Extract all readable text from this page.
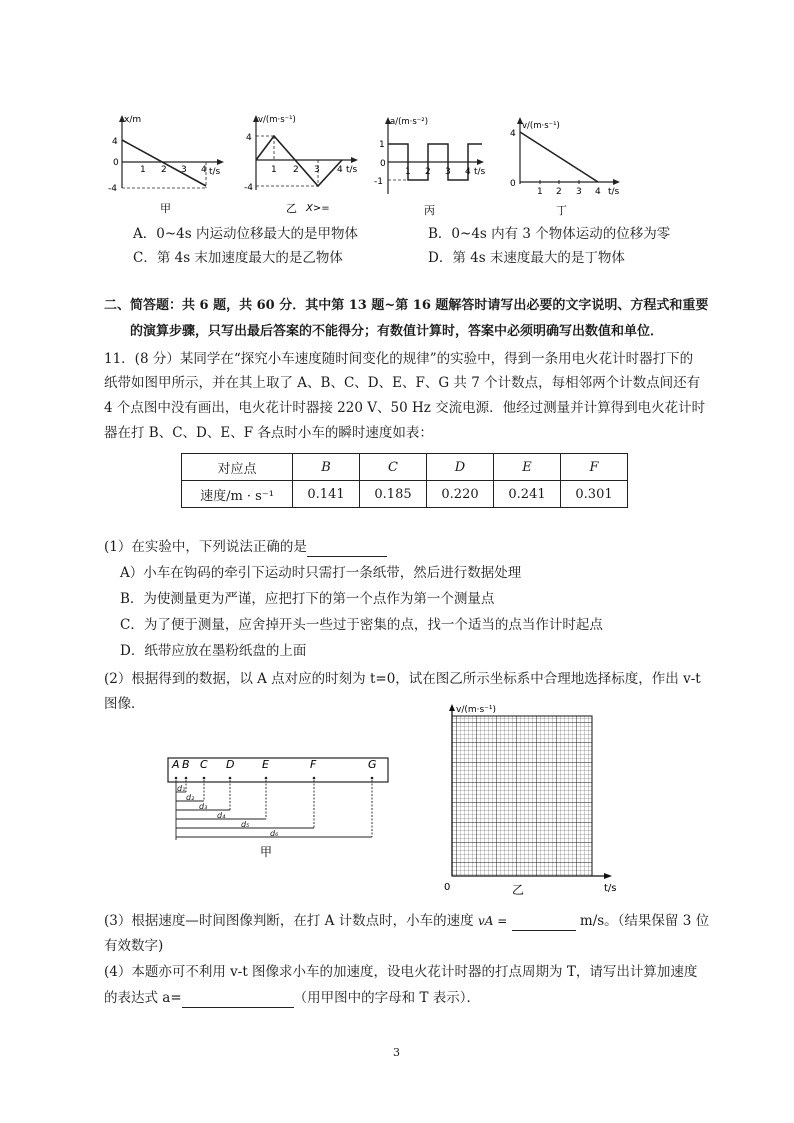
x/m
t/s
4
-4
0
1 2 3 4
甲
v/(m·s⁻¹)
t/s
4
-4
1 2 3 4
乙 X>=
a/(m·s⁻²)
t/s
1
-1
0
1 2 3 4
丙
v/(m·s⁻¹)
t/s
4
0
1 2 3 4
丁
A．0~4s 内运动位移最大的是甲物体	B．0~4s 内有 3 个物体运动的位移为零
C．第 4s 末加速度最大的是乙物体	D．第 4s 末速度最大的是丁物体
二、简答题：共 6 题，共 60 分．其中第 13 题~第 16 题解答时请写出必要的文字说明、方程式和重要
的演算步骤，只写出最后答案的不能得分；有数值计算时，答案中必须明确写出数值和单位．
11．(8 分）某同学在“探究小车速度随时间变化的规律”的实验中，得到一条用电火花计时器打下的
纸带如图甲所示，并在其上取了 A、B、C、D、E、F、G 共 7 个计数点，每相邻两个计数点间还有
4 个点图中没有画出，电火花计时器接 220 V、50 Hz 交流电源．他经过测量并计算得到电火花计时
器在打 B、C、D、E、F 各点时小车的瞬时速度如表：
对应点	B	C	D	E	F
速度/m · s⁻¹	0.141	0.185	0.220	0.241	0.301
(1）在实验中，下列说法正确的是
A）小车在钩码的牵引下运动时只需打一条纸带，然后进行数据处理
B．为使测量更为严谨，应把打下的第一个点作为第一个测量点
C．为了便于测量，应舍掉开头一些过于密集的点，找一个适当的点当作计时起点
D．纸带应放在墨粉纸盘的上面
(2）根据得到的数据，以 A 点对应的时刻为 t=0，试在图乙所示坐标系中合理地选择标度，作出 v-t
图像．
A B C D	E	F	G
d₁
d₂
d₃
d₄
d₅
d₆
甲
v/(m·s⁻¹)
t/s
0	乙
(3）根据速度—时间图像判断，在打 A 计数点时，小车的速度 vA =	m/s。（结果保留 3 位
有效数字)
(4）本题亦可不利用 v-t 图像求小车的加速度，设电火花计时器的打点周期为 T，请写出计算加速度
的表达式 a=	（用甲图中的字母和 T 表示）．
3
